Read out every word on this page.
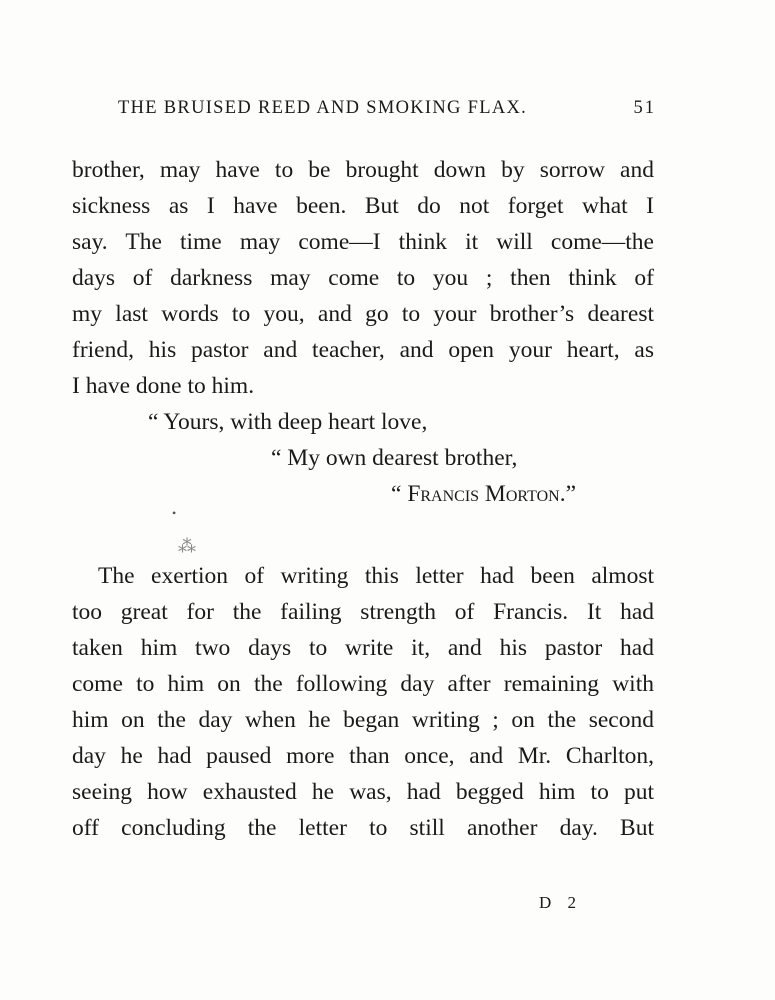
THE BRUISED REED AND SMOKING FLAX.	51
brother, may have to be brought down by sorrow and
sickness as I have been. But do not forget what I
say. The time may come—I think it will come—the
days of darkness may come to you ; then think of
my last words to you, and go to your brother’s dearest
friend, his pastor and teacher, and open your heart, as
I have done to him.
“ Yours, with deep heart love,
“ My own dearest brother,
“ Francis Morton.”
•
⁂
The exertion of writing this letter had been almost
too great for the failing strength of Francis. It had
taken him two days to write it, and his pastor had
come to him on the following day after remaining with
him on the day when he began writing ; on the second
day he had paused more than once, and Mr. Charlton,
seeing how exhausted he was, had begged him to put
off concluding the letter to still another day. But
D 2
